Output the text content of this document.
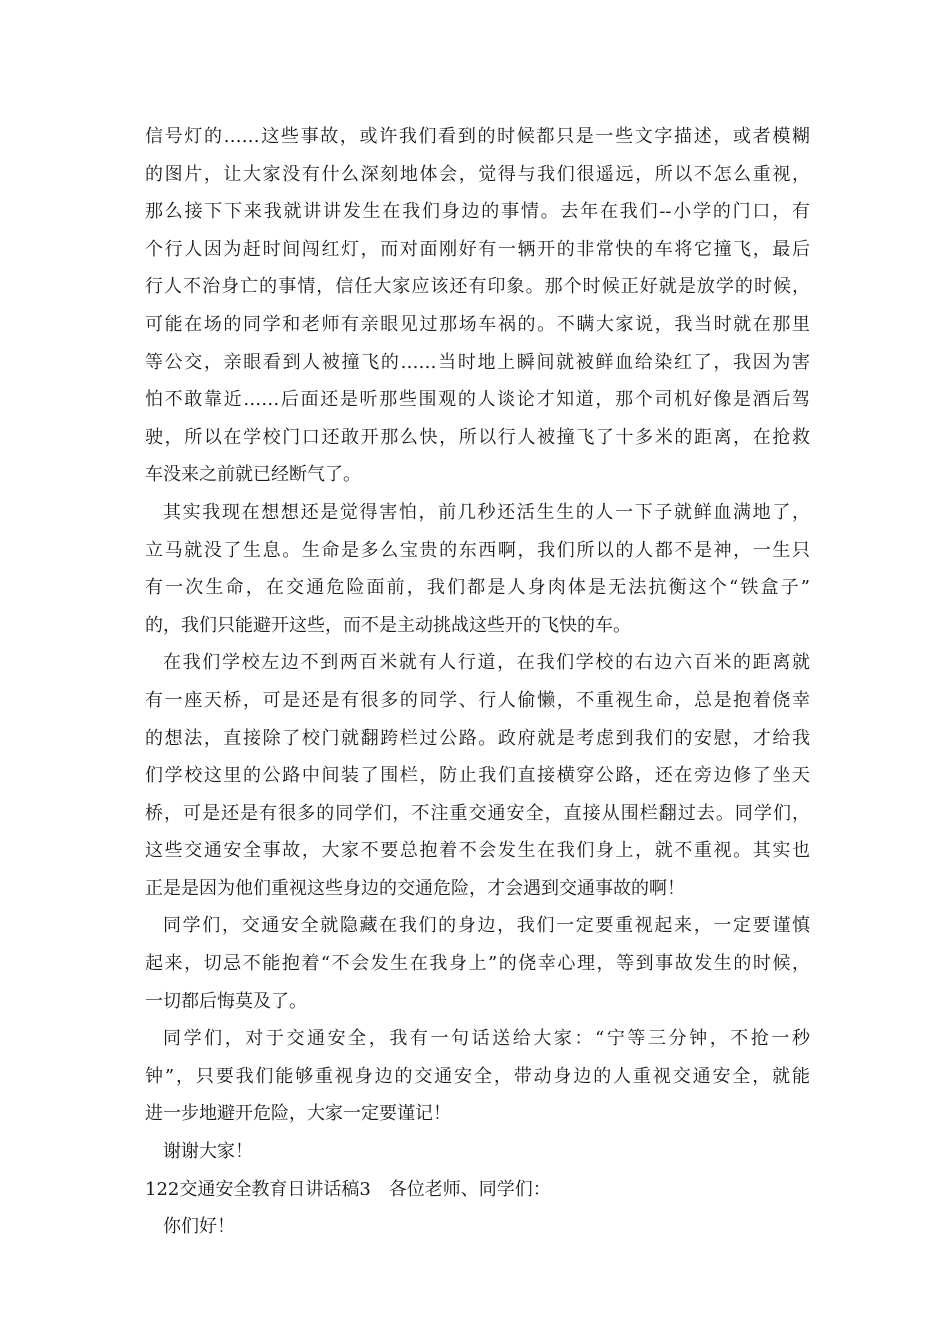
信号灯的……这些事故，或许我们看到的时候都只是一些文字描述，或者模糊
的图片，让大家没有什么深刻地体会，觉得与我们很遥远，所以不怎么重视，
那么接下下来我就讲讲发生在我们身边的事情。去年在我们--小学的门口，有
个行人因为赶时间闯红灯，而对面刚好有一辆开的非常快的车将它撞飞，最后
行人不治身亡的事情，信任大家应该还有印象。那个时候正好就是放学的时候，
可能在场的同学和老师有亲眼见过那场车祸的。不瞒大家说，我当时就在那里
等公交，亲眼看到人被撞飞的……当时地上瞬间就被鲜血给染红了，我因为害
怕不敢靠近……后面还是听那些围观的人谈论才知道，那个司机好像是酒后驾
驶，所以在学校门口还敢开那么快，所以行人被撞飞了十多米的距离，在抢救
车没来之前就已经断气了。
其实我现在想想还是觉得害怕，前几秒还活生生的人一下子就鲜血满地了，
立马就没了生息。生命是多么宝贵的东西啊，我们所以的人都不是神，一生只
有一次生命，在交通危险面前，我们都是人身肉体是无法抗衡这个“铁盒子”
的，我们只能避开这些，而不是主动挑战这些开的飞快的车。
在我们学校左边不到两百米就有人行道，在我们学校的右边六百米的距离就
有一座天桥，可是还是有很多的同学、行人偷懒，不重视生命，总是抱着侥幸
的想法，直接除了校门就翻跨栏过公路。政府就是考虑到我们的安慰，才给我
们学校这里的公路中间装了围栏，防止我们直接横穿公路，还在旁边修了坐天
桥，可是还是有很多的同学们，不注重交通安全，直接从围栏翻过去。同学们，
这些交通安全事故，大家不要总抱着不会发生在我们身上，就不重视。其实也
正是是因为他们重视这些身边的交通危险，才会遇到交通事故的啊！
同学们，交通安全就隐藏在我们的身边，我们一定要重视起来，一定要谨慎
起来，切忌不能抱着“不会发生在我身上”的侥幸心理，等到事故发生的时候，
一切都后悔莫及了。
同学们，对于交通安全，我有一句话送给大家：“宁等三分钟，不抢一秒
钟”，只要我们能够重视身边的交通安全，带动身边的人重视交通安全，就能
进一步地避开危险，大家一定要谨记！
谢谢大家！
122交通安全教育日讲话稿3　各位老师、同学们：
你们好！
